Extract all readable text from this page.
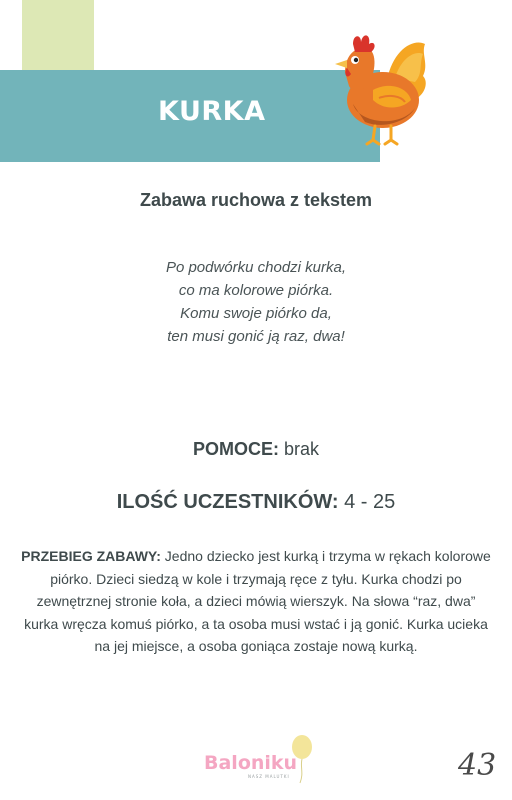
KURKA
Zabawa ruchowa z tekstem
Po podwórku chodzi kurka,
co ma kolorowe piórka.
Komu swoje piórko da,
ten musi gonić ją raz, dwa!
POMOCE: brak
ILOŚĆ UCZESTNIKÓW: 4 - 25
PRZEBIEG ZABAWY: Jedno dziecko jest kurką i trzyma w rękach kolorowe piórko. Dzieci siedzą w kole i trzymają ręce z tyłu. Kurka chodzi po zewnętrznej stronie koła, a dzieci mówią wierszyk. Na słowa “raz, dwa” kurka wręcza komuś piórko, a ta osoba musi wstać i ją gonić. Kurka ucieka na jej miejsce, a osoba goniąca zostaje nową kurką.
Baloniku
NASZ MALUTKI	43
